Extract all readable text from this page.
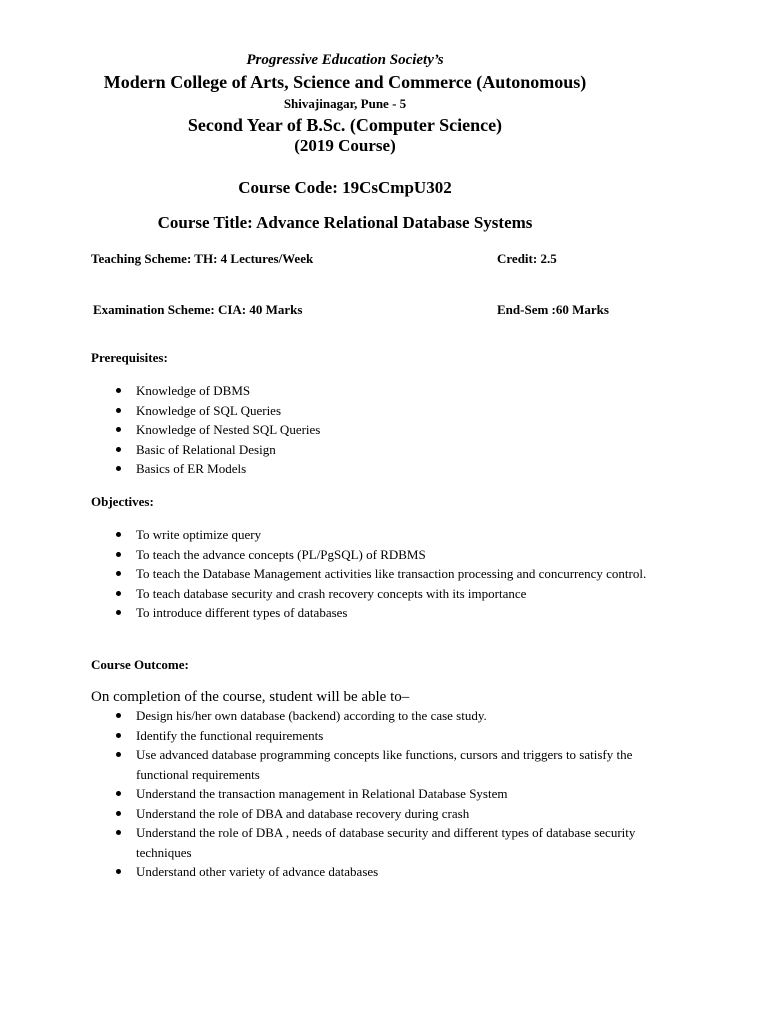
Progressive Education Society’s
Modern College of Arts, Science and Commerce (Autonomous)
Shivajinagar, Pune - 5
Second Year of B.Sc. (Computer Science)
(2019 Course)
Course Code: 19CsCmpU302
Course Title: Advance Relational Database Systems
Teaching Scheme: TH: 4 Lectures/Week	Credit: 2.5
Examination Scheme: CIA: 40 Marks	End-Sem :60 Marks
Prerequisites:
Knowledge of DBMS
Knowledge of SQL Queries
Knowledge of Nested SQL Queries
Basic of Relational Design
Basics of ER Models
Objectives:
To write optimize query
To teach the advance concepts (PL/PgSQL) of RDBMS
To teach the Database Management activities like transaction processing and concurrency control.
To teach database security and crash recovery concepts with its importance
To introduce different types of databases
Course Outcome:
On completion of the course, student will be able to–
Design his/her own database (backend) according to the case study.
Identify the functional requirements
Use advanced database programming concepts like functions, cursors and triggers to satisfy the functional requirements
Understand the transaction management in Relational Database System
Understand the role of DBA and database recovery during crash
Understand the role of DBA , needs of database security and different types of database security techniques
Understand other variety of advance databases
